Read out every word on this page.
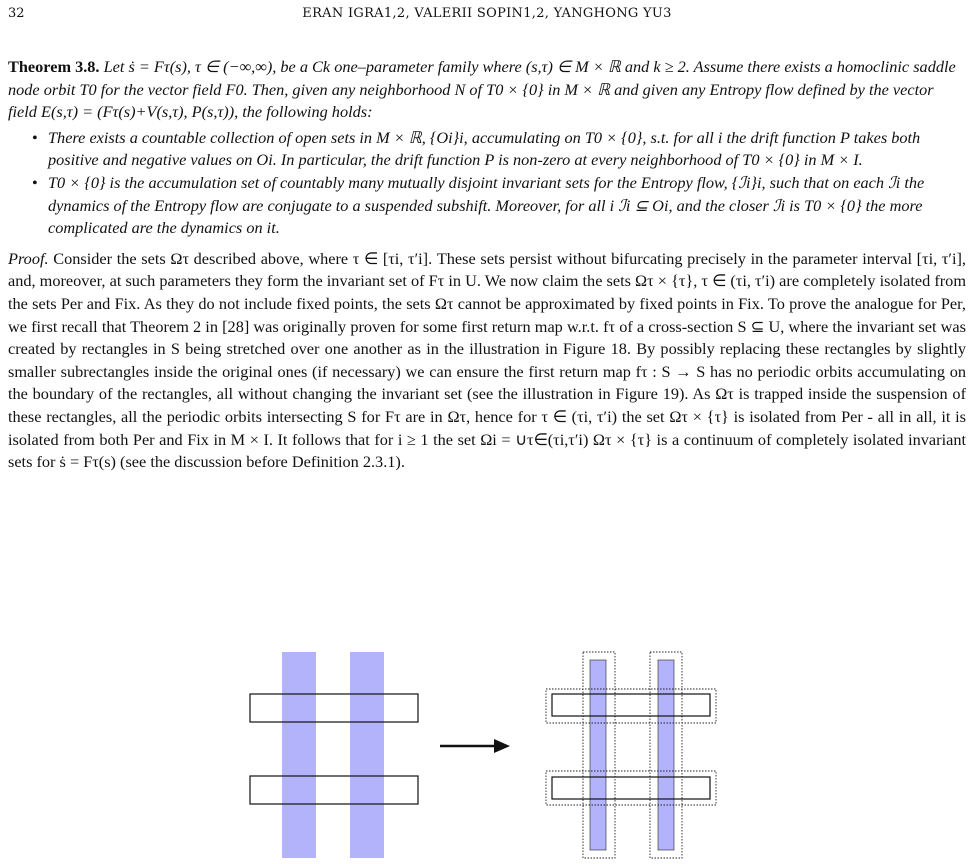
32	ERAN IGRA1,2, VALERII SOPIN1,2, YANGHONG YU3

Theorem 3.8. Let ṡ = Fτ(s), τ ∈ (−∞,∞), be a Ck one–parameter family where (s,τ) ∈ M × ℝ and k ≥ 2. Assume there exists a homoclinic saddle node orbit T0 for the vector field F0. Then, given any neighborhood N of T0 × {0} in M × ℝ and given any Entropy flow defined by the vector field E(s,τ) = (Fτ(s)+V(s,τ), P(s,τ)), the following holds:

• There exists a countable collection of open sets in M × ℝ, {Oi}i, accumulating on T0 × {0}, s.t. for all i the drift function P takes both positive and negative values on Oi. In particular, the drift function P is non-zero at every neighborhood of T0 × {0} in M × I.
• T0 × {0} is the accumulation set of countably many mutually disjoint invariant sets for the Entropy flow, {ℐi}i, such that on each ℐi the dynamics of the Entropy flow are conjugate to a suspended subshift. Moreover, for all i ℐi ⊆ Oi, and the closer ℐi is T0 × {0} the more complicated are the dynamics on it.
Proof. Consider the sets Ωτ described above, where τ ∈ [τi, τ′i]. These sets persist without bifurcating precisely in the parameter interval [τi, τ′i], and, moreover, at such parameters they form the invariant set of Fτ in U. We now claim the sets Ωτ × {τ}, τ ∈ (τi, τ′i) are completely isolated from the sets Per and Fix. As they do not include fixed points, the sets Ωτ cannot be approximated by fixed points in Fix. To prove the analogue for Per, we first recall that Theorem 2 in [28] was originally proven for some first return map w.r.t. fτ of a cross-section S ⊆ U, where the invariant set was created by rectangles in S being stretched over one another as in the illustration in Figure 18. By possibly replacing these rectangles by slightly smaller subrectangles inside the original ones (if necessary) we can ensure the first return map fτ : S → S has no periodic orbits accumulating on the boundary of the rectangles, all without changing the invariant set (see the illustration in Figure 19). As Ωτ is trapped inside the suspension of these rectangles, all the periodic orbits intersecting S for Fτ are in Ωτ, hence for τ ∈ (τi, τ′i) the set Ωτ × {τ} is isolated from Per - all in all, it is isolated from both Per and Fix in M × I. It follows that for i ≥ 1 the set Ωi = ∪τ∈(τi,τ′i) Ωτ × {τ} is a continuum of completely isolated invariant sets for ṡ = Fτ(s) (see the discussion before Definition 2.3.1).
